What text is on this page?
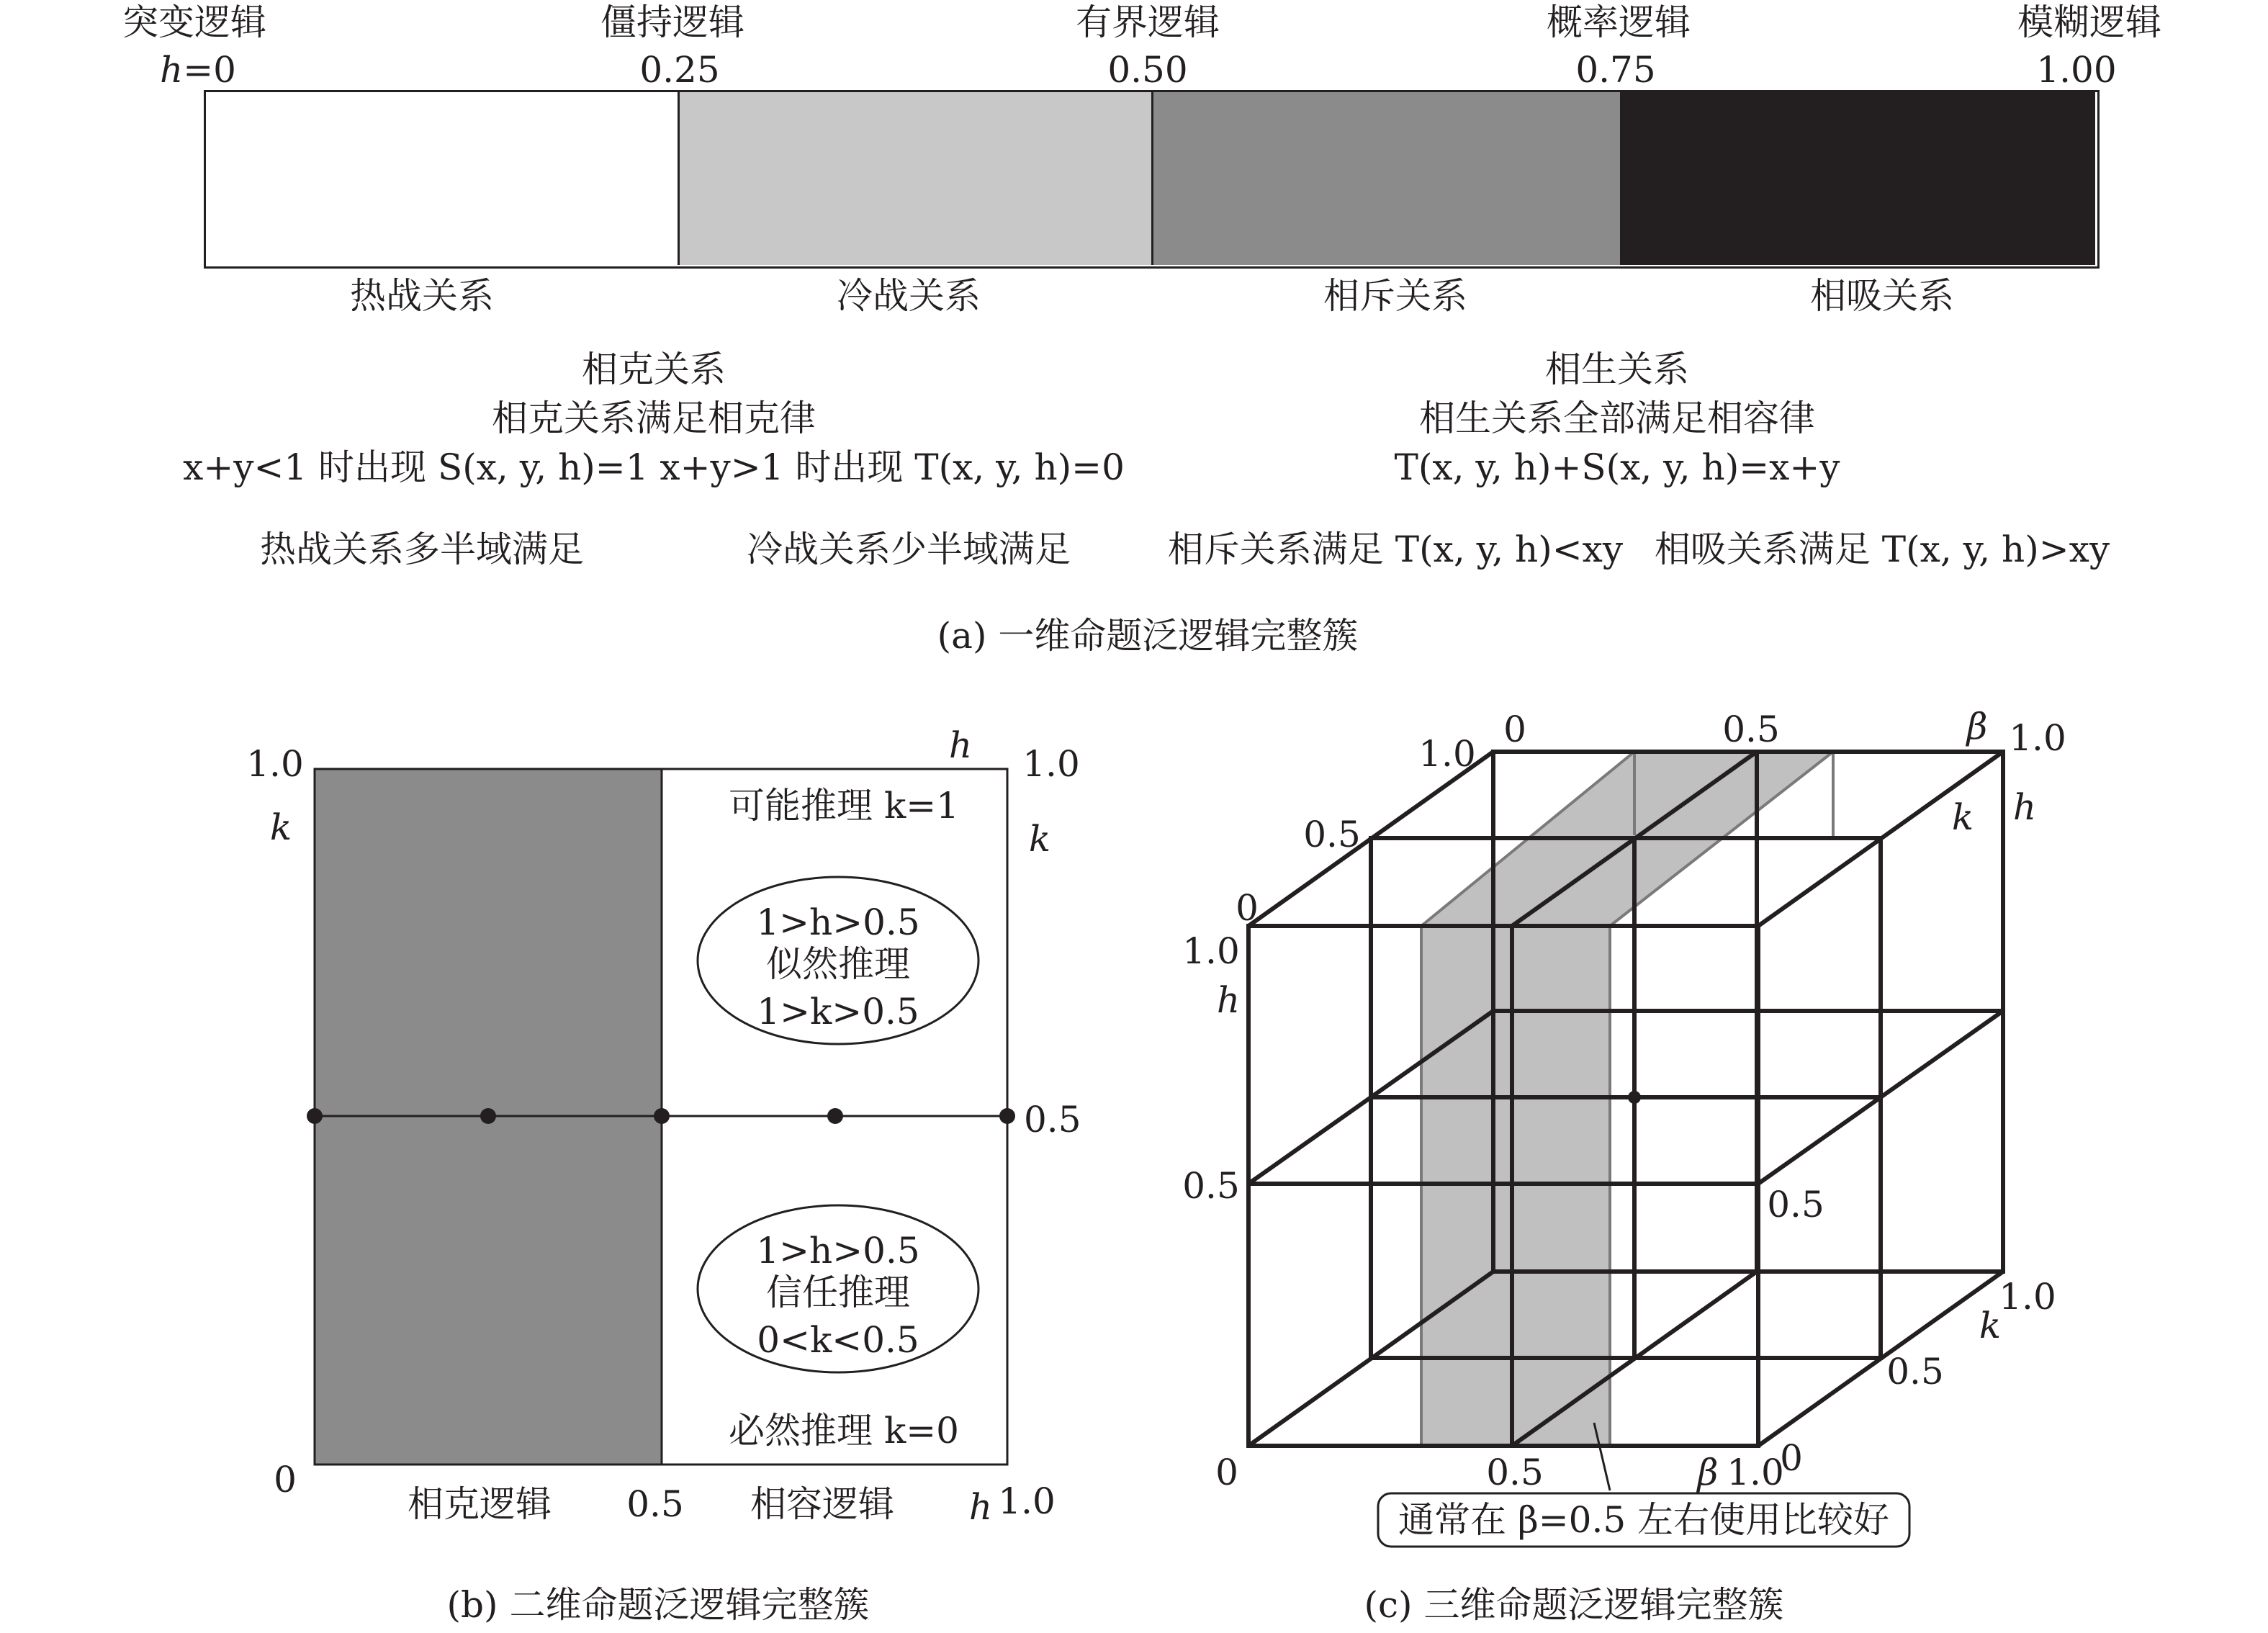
突变逻辑	僵持逻辑	有界逻辑	概率逻辑	模糊逻辑
h=0	0.25	0.50	0.75	1.00
热战关系	冷战关系	相斥关系	相吸关系
相克关系
相克关系满足相克律
x+y<1 时出现 S(x, y, h)=1 x+y>1 时出现 T(x, y, h)=0
相生关系
相生关系全部满足相容律
T(x, y, h)+S(x, y, h)=x+y
热战关系多半域满足	冷战关系少半域满足	相斥关系满足 T(x, y, h)<xy 相吸关系满足 T(x, y, h)>xy
(a) 一维命题泛逻辑完整簇
1.0
k
h 1.0
k
0.5
0
0.5	h 1.0
相克逻辑	相容逻辑
可能推理 k=1
1>h>0.5
似然推理
1>k>0.5
1>h>0.5
信任推理
0<k<0.5
必然推理 k=0
(b) 二维命题泛逻辑完整簇
1.0
0	0.5	β 1.0
k h
0.5
0
1.0
h
0.5	0.5
1.0
k
0.5
0
0	0.5	β 1.0
通常在 β=0.5 左右使用比较好
(c) 三维命题泛逻辑完整簇
